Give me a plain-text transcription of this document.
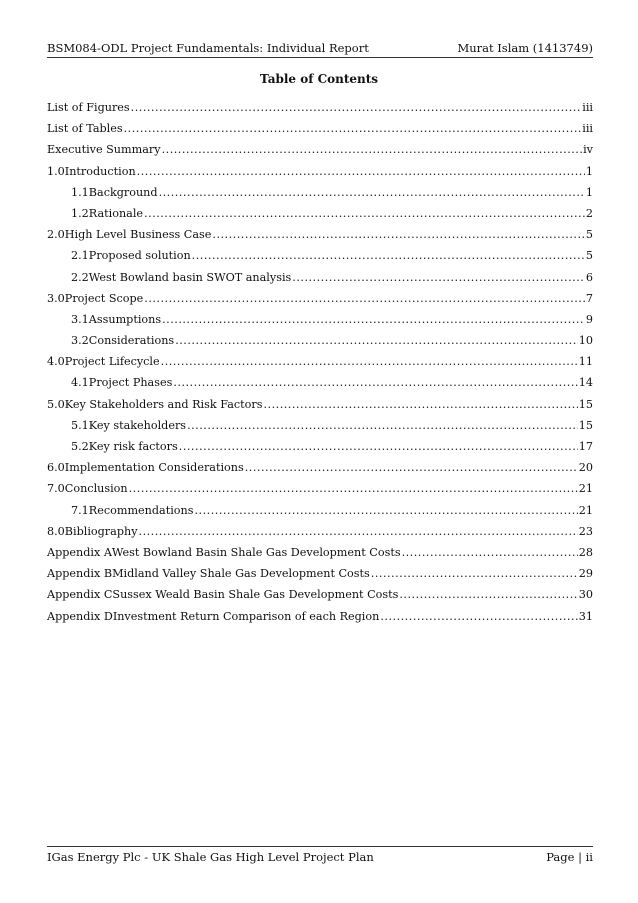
BSM084-ODL Project Fundamentals: Individual Report	Murat Islam (1413749)
Table of Contents
List of Figures .....	iii
List of Tables .....	iii
Executive Summary .....	iv
1.0 Introduction .....	1
1.1 Background .....	1
1.2 Rationale .....	2
2.0 High Level Business Case .....	5
2.1 Proposed solution .....	5
2.2 West Bowland basin SWOT analysis .....	6
3.0 Project Scope .....	7
3.1 Assumptions .....	9
3.2 Considerations .....	10
4.0 Project Lifecycle .....	11
4.1 Project Phases .....	14
5.0 Key Stakeholders and Risk Factors .....	15
5.1 Key stakeholders .....	15
5.2 Key risk factors .....	17
6.0 Implementation Considerations .....	20
7.0 Conclusion .....	21
7.1 Recommendations .....	21
8.0 Bibliography .....	23
Appendix A West Bowland Basin Shale Gas Development Costs .....	28
Appendix B Midland Valley Shale Gas Development Costs .....	29
Appendix C Sussex Weald Basin Shale Gas Development Costs .....	30
Appendix D Investment Return Comparison of each Region .....	31
IGas Energy Plc - UK Shale Gas High Level Project Plan	Page | ii
